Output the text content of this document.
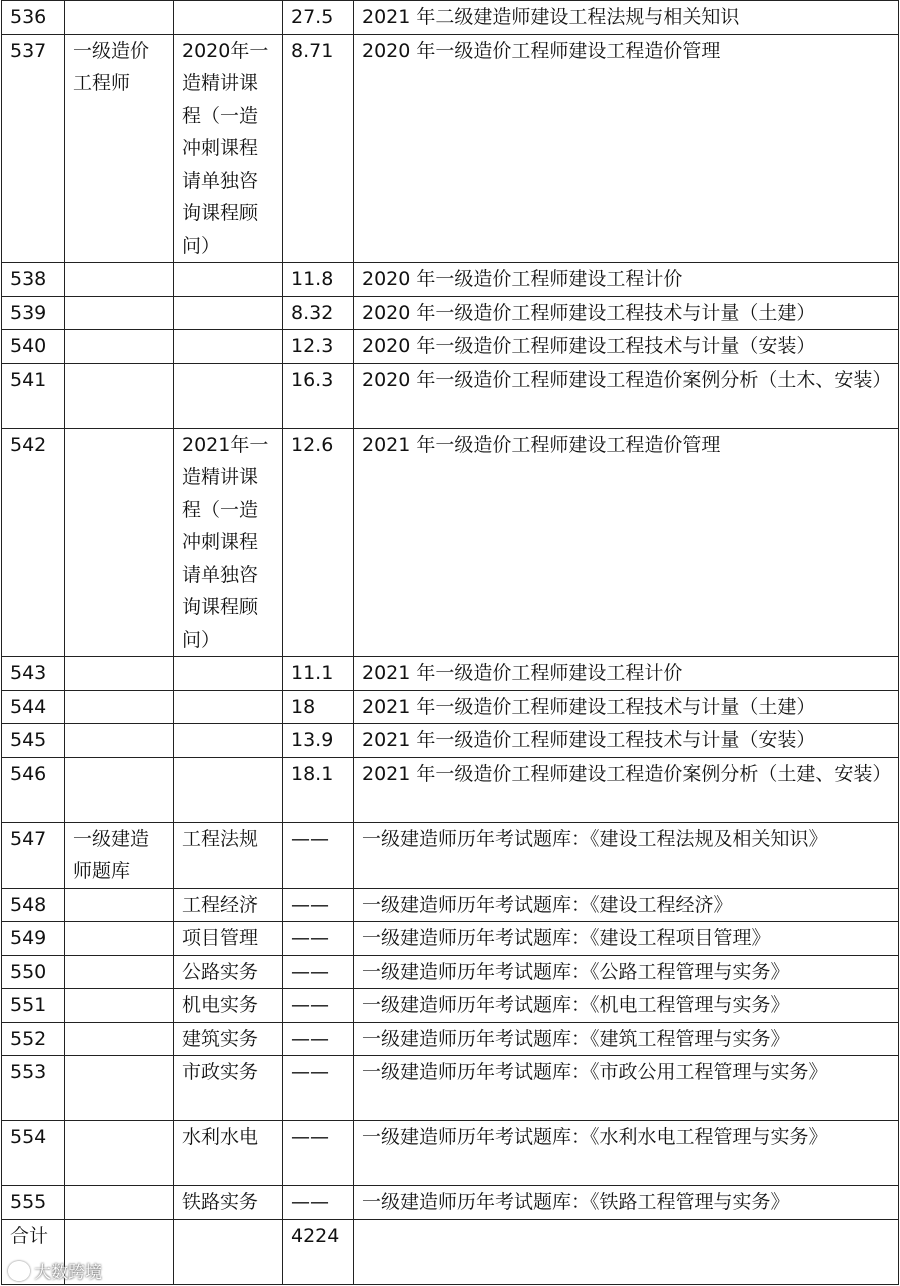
536			27.5	2021 年二级建造师建设工程法规与相关知识
537	一级造价工程师	2020年一造精讲课程（一造冲刺课程请单独咨询课程顾问）	8.71	2020 年一级造价工程师建设工程造价管理
538			11.8	2020 年一级造价工程师建设工程计价
539			8.32	2020 年一级造价工程师建设工程技术与计量（土建）
540			12.3	2020 年一级造价工程师建设工程技术与计量（安装）
541			16.3	2020 年一级造价工程师建设工程造价案例分析（土木、安装）
542		2021年一造精讲课程（一造冲刺课程请单独咨询课程顾问）	12.6	2021 年一级造价工程师建设工程造价管理
543			11.1	2021 年一级造价工程师建设工程计价
544			18	2021 年一级造价工程师建设工程技术与计量（土建）
545			13.9	2021 年一级造价工程师建设工程技术与计量（安装）
546			18.1	2021 年一级造价工程师建设工程造价案例分析（土建、安装）
547	一级建造师题库	工程法规	——	一级建造师历年考试题库：《建设工程法规及相关知识》
548		工程经济	——	一级建造师历年考试题库：《建设工程经济》
549		项目管理	——	一级建造师历年考试题库：《建设工程项目管理》
550		公路实务	——	一级建造师历年考试题库：《公路工程管理与实务》
551		机电实务	——	一级建造师历年考试题库：《机电工程管理与实务》
552		建筑实务	——	一级建造师历年考试题库：《建筑工程管理与实务》
553		市政实务	——	一级建造师历年考试题库：《市政公用工程管理与实务》
554		水利水电	——	一级建造师历年考试题库：《水利水电工程管理与实务》
555		铁路实务	——	一级建造师历年考试题库：《铁路工程管理与实务》
合计			4224	
大数跨境
